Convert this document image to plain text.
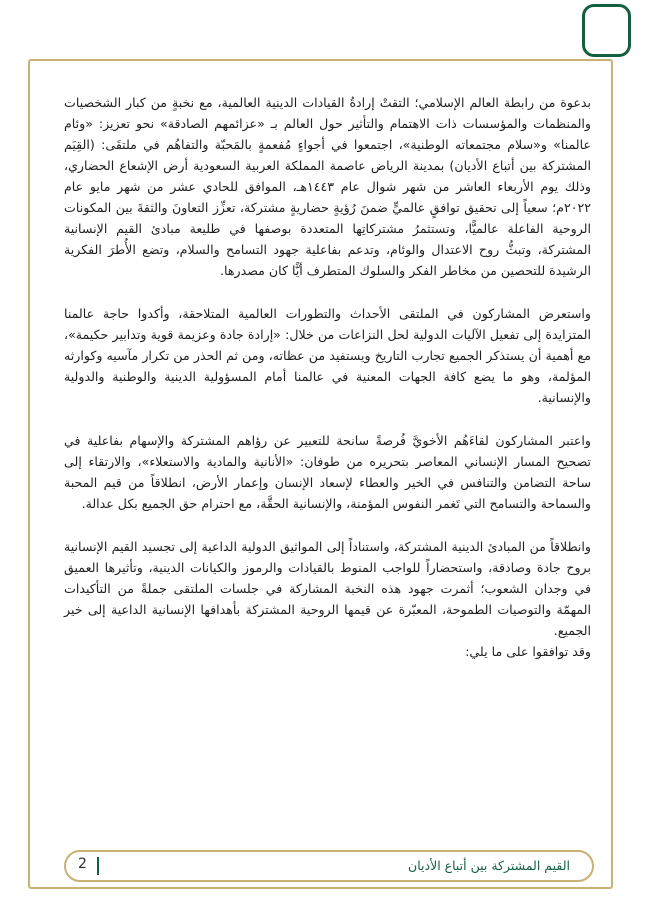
بدعوة من رابطة العالم الإسلامي؛ التقتْ إرادةُ القيادات الدينية العالمية، مع نخبةٍ من كبار الشخصيات والمنظمات والمؤسسات ذات الاهتمام والتأثير حول العالم بـ «عزائمهم الصادقة» نحو تعزيز: «وئام عالمنا» و«سلام مجتمعاته الوطنية»، اجتمعوا في أجواءٍ مُفعمةٍ بالمَحبّة والتفاهُم في ملتقَى: (القِيَم المشتركة بين أتباع الأديان) بمدينة الرياض عاصمة المملكة العربية السعودية أرض الإشعاع الحضاري، وذلك يوم الأربعاء العاشر من شهر شوال عام ١٤٤٣هـ، الموافق للحادي عشر من شهر مايو عام ٢٠٢٢م؛ سعياً إلى تحقيق توافقٍ عالميٍّ ضمنَ رُؤيةٍ حضاريةٍ مشتركة، تعزِّز التعاونَ والثقةَ بين المكونات الروحية الفاعلة عالميًّا، وتستثمرُ مشتركاتِها المتعددة بوصفها في طليعة مبادئ القيم الإنسانية المشتركة، وتبثُّ روح الاعتدال والوئام، وتدعم بفاعلية جهود التسامح والسلام، وتضع الأُطرَ الفكرية الرشيدة للتحصين من مخاطر الفكر والسلوك المتطرف أيًّا كان مصدرها.

واستعرض المشاركون في الملتقى الأحداث والتطورات العالمية المتلاحقة، وأكدوا حاجة عالمنا المتزايدة إلى تفعيل الآليات الدولية لحل النزاعات من خلال: «إرادة جادة وعزيمة قوية وتدابير حكيمة»، مع أهمية أن يستذكر الجميع تجارب التاريخ ويستفيد من عظاته، ومن ثم الحذر من تكرار مآسيه وكوارثه المؤلمة، وهو ما يضع كافة الجهات المعنية في عالمنا أمام المسؤولية الدينية والوطنية والدولية والإنسانية.

واعتبر المشاركون لقاءَهُم الأخويَّ فُرصةً سانحة للتعبير عن رؤاهم المشتركة والإسهام بفاعلية في تصحيح المسار الإنساني المعاصر بتحريره من طوفان: «الأنانية والمادية والاستعلاء»، والارتقاء إلى ساحة التضامن والتنافس في الخير والعطاء لإسعاد الإنسان وإعمار الأرض، انطلاقاً من قيم المحبة والسماحة والتسامح التي تَغمر النفوس المؤمنة، والإنسانية الحقَّة، مع احترام حق الجميع بكل عدالة.

وانطلاقاً من المبادئ الدينية المشتركة، واستناداً إلى المواثيق الدولية الداعية إلى تجسيد القيم الإنسانية بروح جادة وصادقة، واستحضاراً للواجب المنوط بالقيادات والرموز والكيانات الدينية، وتأثيرها العميق في وجدان الشعوب؛ أثمرت جهود هذه النخبة المشاركة في جلسات الملتقى جملةً من التأكيدات المهمّة والتوصيات الطموحة، المعبّرة عن قيمها الروحية المشتركة بأهدافها الإنسانية الداعية إلى خير الجميع.

وقد توافقوا على ما يلي:

القيم المشتركة بين أتباع الأديان
2
